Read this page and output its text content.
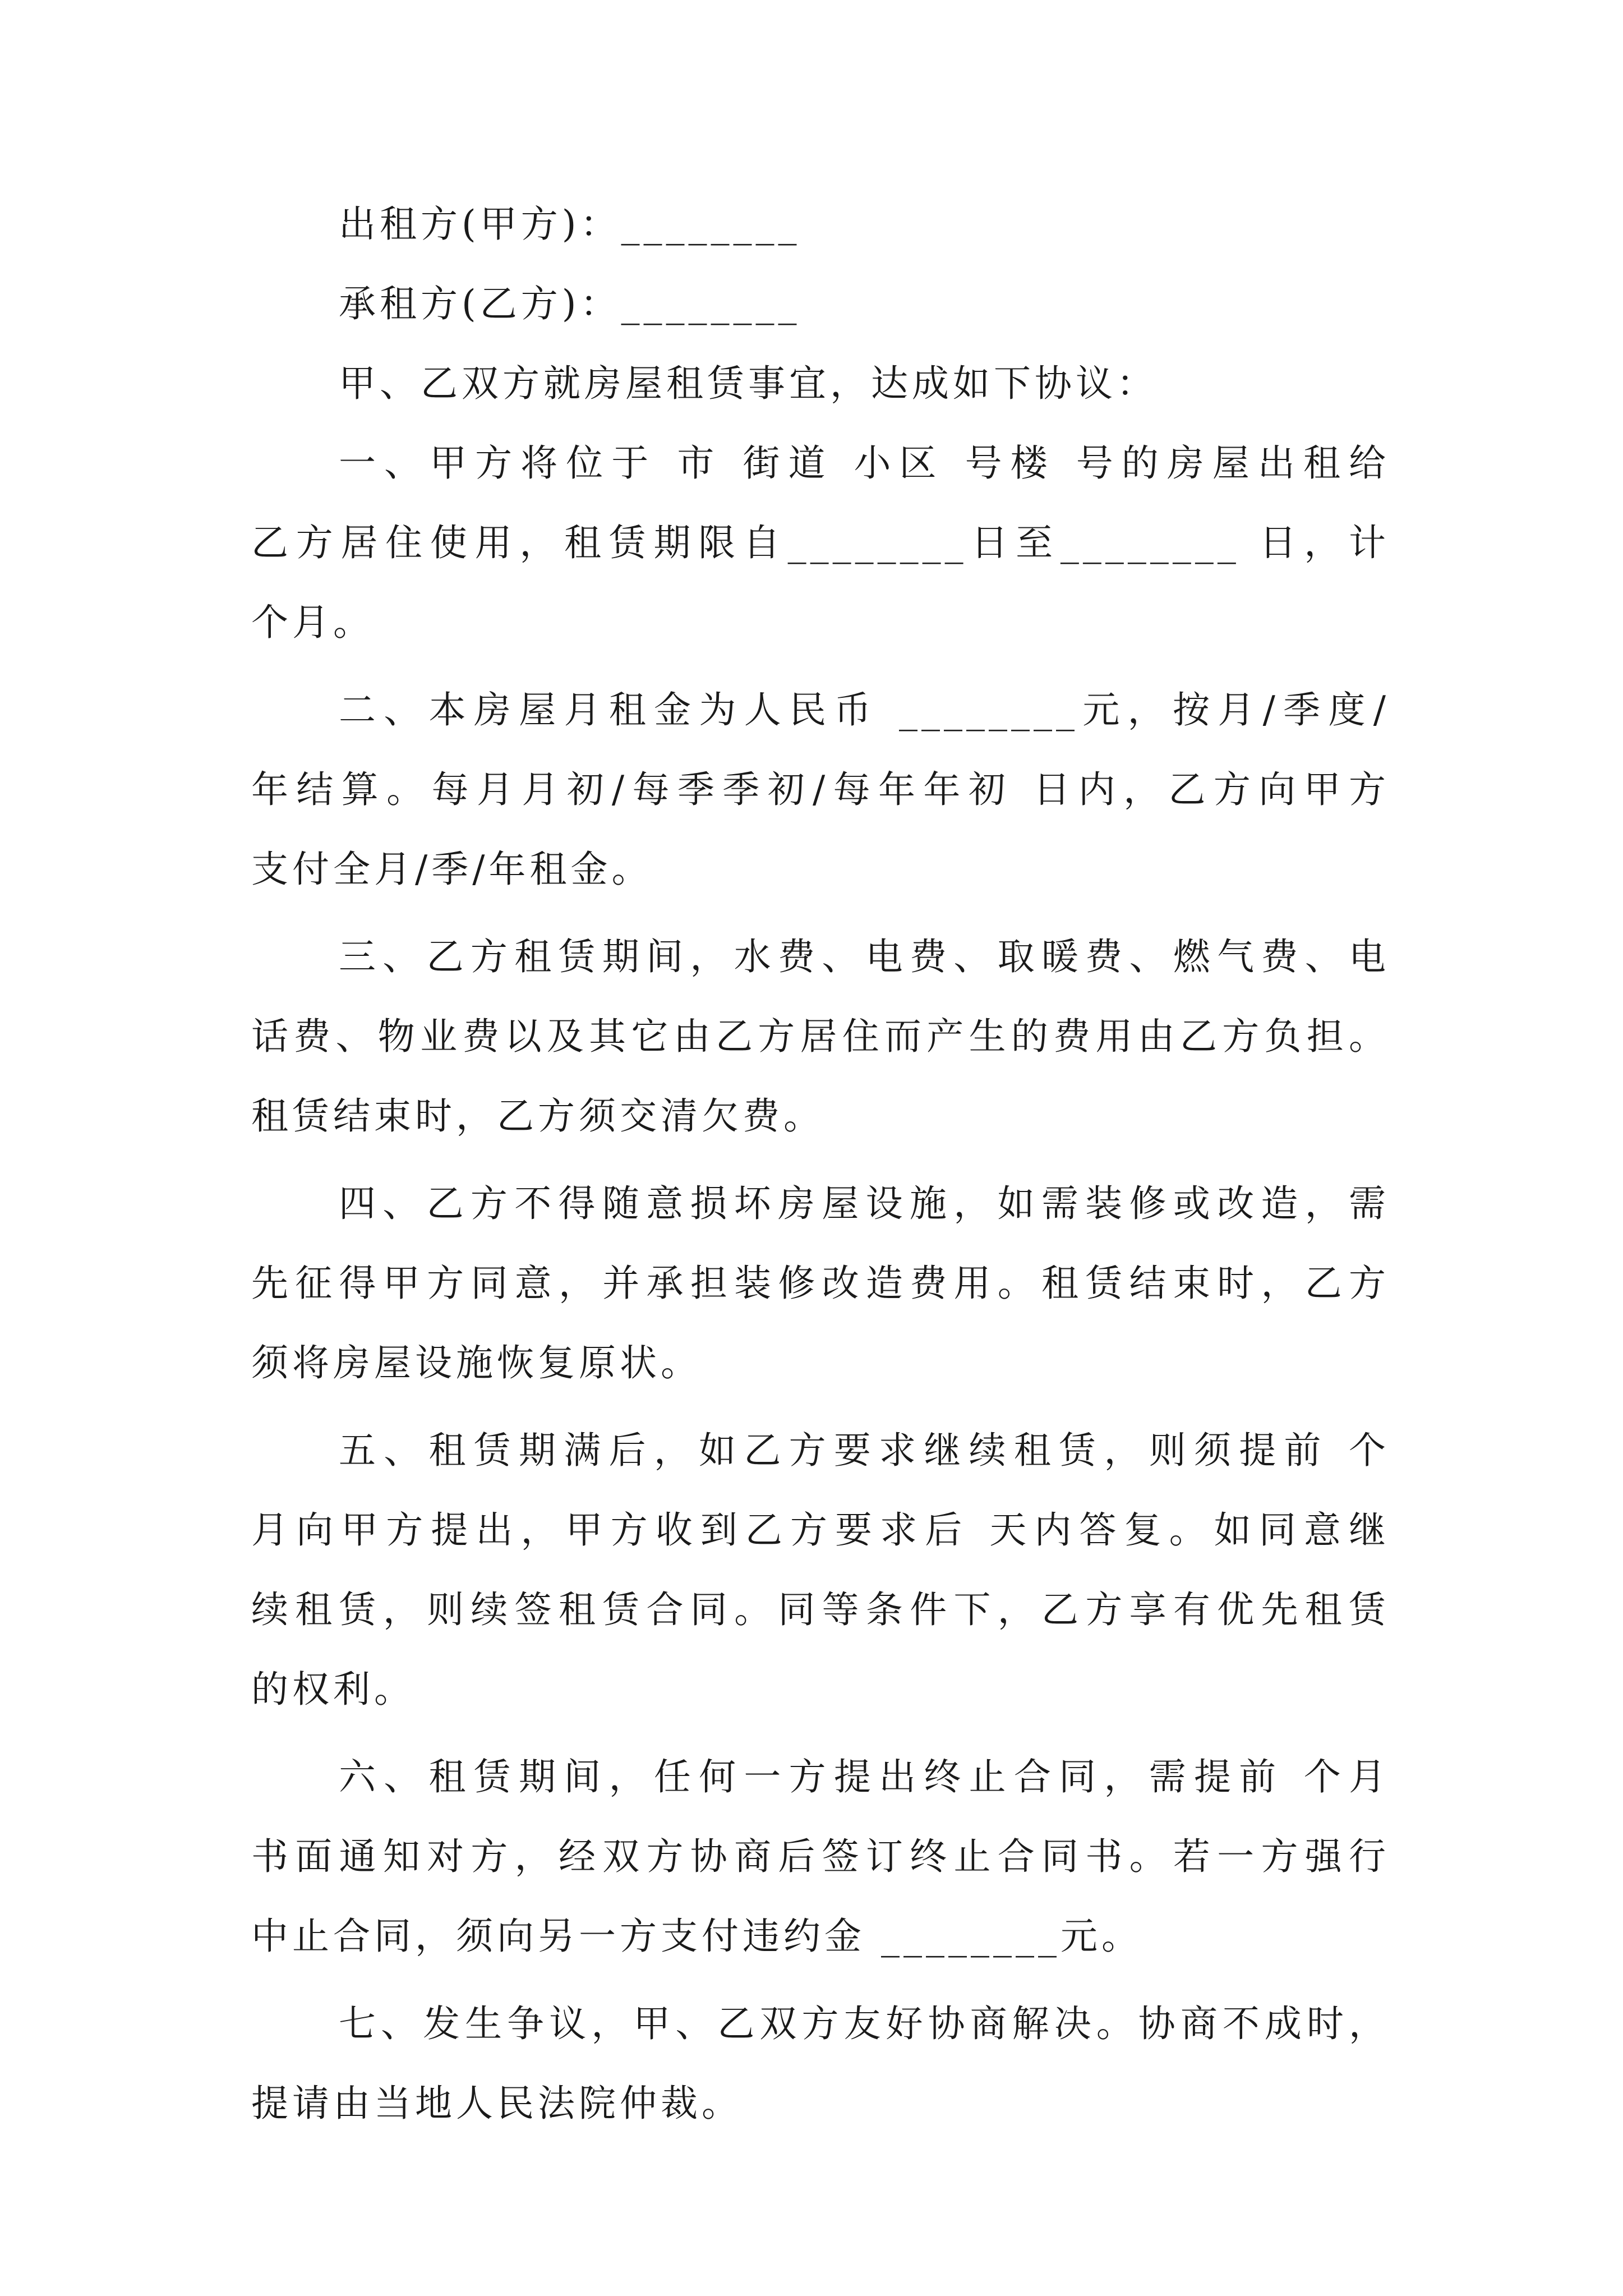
出租方(甲方)：________
承租方(乙方)：________
甲、乙双方就房屋租赁事宜，达成如下协议：
一、甲方将位于 市 街道 小区 号楼 号的房屋出租给
乙方居住使用，租赁期限自________日至________ 日，计
个月。
二、本房屋月租金为人民币 ________元，按月/季度/
年结算。每月月初/每季季初/每年年初 日内，乙方向甲方
支付全月/季/年租金。
三、乙方租赁期间，水费、电费、取暖费、燃气费、电
话费、物业费以及其它由乙方居住而产生的费用由乙方负担。
租赁结束时，乙方须交清欠费。
四、乙方不得随意损坏房屋设施，如需装修或改造，需
先征得甲方同意，并承担装修改造费用。租赁结束时，乙方
须将房屋设施恢复原状。
五、租赁期满后，如乙方要求继续租赁，则须提前 个
月向甲方提出，甲方收到乙方要求后 天内答复。如同意继
续租赁，则续签租赁合同。同等条件下，乙方享有优先租赁
的权利。
六、租赁期间，任何一方提出终止合同，需提前 个月
书面通知对方，经双方协商后签订终止合同书。若一方强行
中止合同，须向另一方支付违约金 ________元。
七、发生争议，甲、乙双方友好协商解决。协商不成时，
提请由当地人民法院仲裁。
